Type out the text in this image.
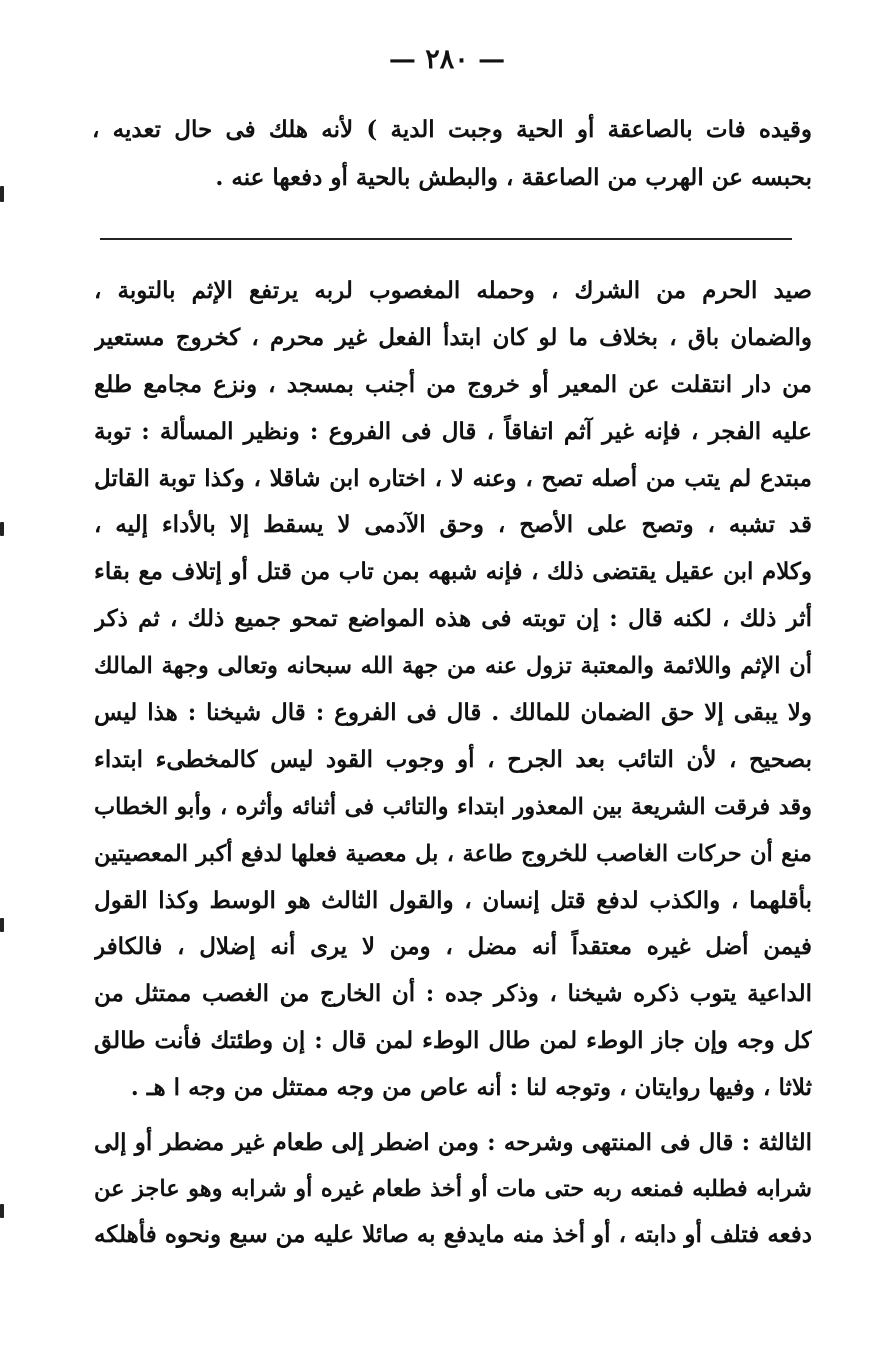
— ٢٨٠ —
وقيده فات بالصاعقة أو الحية وجبت الدية ) لأنه هلك فى حال تعديه ،
بحبسه عن الهرب من الصاعقة ، والبطش بالحية أو دفعها عنه .
صيد الحرم من الشرك ، وحمله المغصوب لربه يرتفع الإثم بالتوبة ،
والضمان باق ، بخلاف ما لو كان ابتدأ الفعل غير محرم ، كخروج مستعير
من دار انتقلت عن المعير أو خروج من أجنب بمسجد ، ونزع مجامع طلع
عليه الفجر ، فإنه غير آثم اتفاقاً ، قال فى الفروع : ونظير المسألة : توبة
مبتدع لم يتب من أصله تصح ، وعنه لا ، اختاره ابن شاقلا ، وكذا توبة القاتل
قد تشبه ، وتصح على الأصح ، وحق الآدمى لا يسقط إلا بالأداء إليه ،
وكلام ابن عقيل يقتضى ذلك ، فإنه شبهه بمن تاب من قتل أو إتلاف مع بقاء
أثر ذلك ، لكنه قال : إن توبته فى هذه المواضع تمحو جميع ذلك ، ثم ذكر
أن الإثم واللائمة والمعتبة تزول عنه من جهة الله سبحانه وتعالى وجهة المالك
ولا يبقى إلا حق الضمان للمالك . قال فى الفروع : قال شيخنا : هذا ليس
بصحيح ، لأن التائب بعد الجرح ، أو وجوب القود ليس كالمخطىء ابتداء
وقد فرقت الشريعة بين المعذور ابتداء والتائب فى أثنائه وأثره ، وأبو الخطاب
منع أن حركات الغاصب للخروج طاعة ، بل معصية فعلها لدفع أكبر المعصيتين
بأقلهما ، والكذب لدفع قتل إنسان ، والقول الثالث هو الوسط وكذا القول
فيمن أضل غيره معتقداً أنه مضل ، ومن لا يرى أنه إضلال ، فالكافر
الداعية يتوب ذكره شيخنا ، وذكر جده : أن الخارج من الغصب ممتثل من
كل وجه وإن جاز الوطء لمن طال الوطء لمن قال : إن وطئتك فأنت طالق
ثلاثا ، وفيها روايتان ، وتوجه لنا : أنه عاص من وجه ممتثل من وجه ا هـ .
الثالثة : قال فى المنتهى وشرحه : ومن اضطر إلى طعام غير مضطر أو إلى
شرابه فطلبه فمنعه ربه حتى مات أو أخذ طعام غيره أو شرابه وهو عاجز عن
دفعه فتلف أو دابته ، أو أخذ منه مايدفع به صائلا عليه من سبع ونحوه فأهلكه
